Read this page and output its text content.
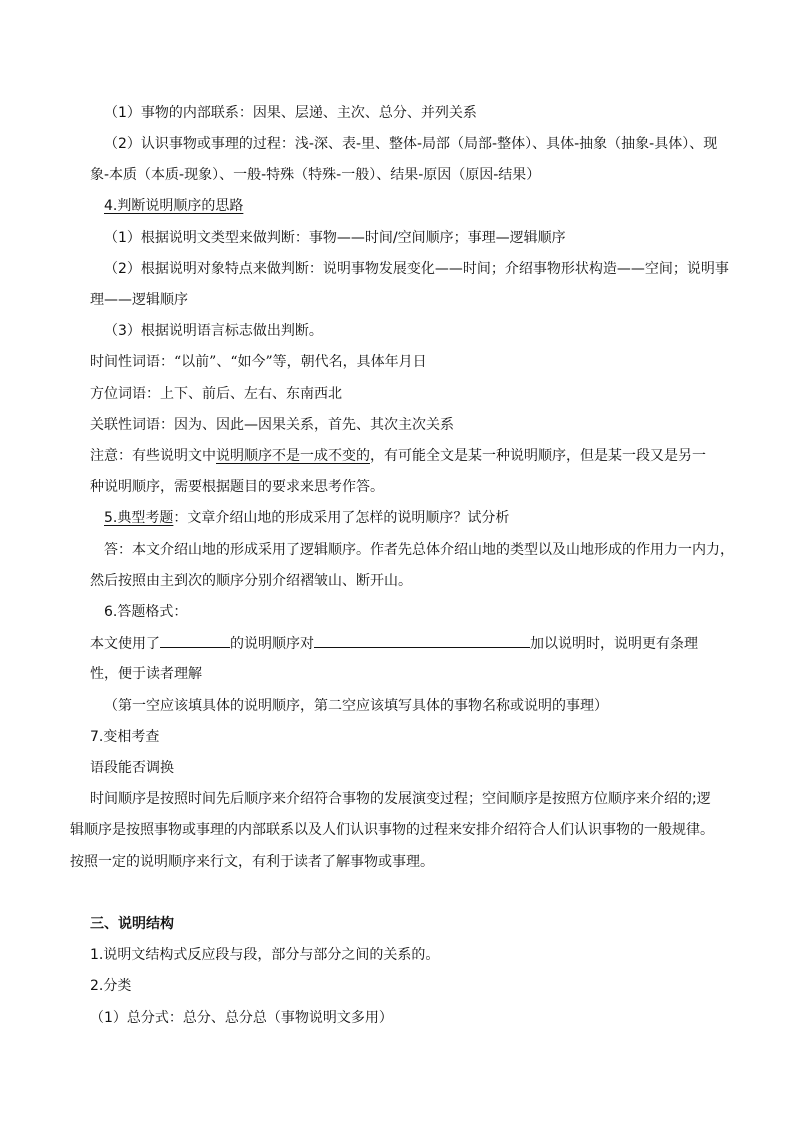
（1）事物的内部联系：因果、层递、主次、总分、并列关系
（2）认识事物或事理的过程：浅-深、表-里、整体-局部（局部-整体）、具体-抽象（抽象-具体）、现
象-本质（本质-现象）、一般-特殊（特殊-一般）、结果-原因（原因-结果）
4.判断说明顺序的思路
（1）根据说明文类型来做判断：事物——时间/空间顺序；事理—逻辑顺序
（2）根据说明对象特点来做判断：说明事物发展变化——时间；介绍事物形状构造——空间；说明事
理——逻辑顺序
（3）根据说明语言标志做出判断。
时间性词语：“以前”、“如今”等，朝代名，具体年月日
方位词语：上下、前后、左右、东南西北
关联性词语：因为、因此—因果关系，首先、其次主次关系
注意：有些说明文中说明顺序不是一成不变的，有可能全文是某一种说明顺序，但是某一段又是另一
种说明顺序，需要根据题目的要求来思考作答。
5.典型考题：文章介绍山地的形成采用了怎样的说明顺序？试分析
答：本文介绍山地的形成采用了逻辑顺序。作者先总体介绍山地的类型以及山地形成的作用力一内力，
然后按照由主到次的顺序分别介绍褶皱山、断开山。
6.答题格式：
本文使用了	的说明顺序对	加以说明时，说明更有条理
性，便于读者理解
（第一空应该填具体的说明顺序，第二空应该填写具体的事物名称或说明的事理）
7.变相考查
语段能否调换
时间顺序是按照时间先后顺序来介绍符合事物的发展演变过程；空间顺序是按照方位顺序来介绍的;逻
辑顺序是按照事物或事理的内部联系以及人们认识事物的过程来安排介绍符合人们认识事物的一般规律。
按照一定的说明顺序来行文，有利于读者了解事物或事理。
三、说明结构
1.说明文结构式反应段与段，部分与部分之间的关系的。
2.分类
（1）总分式：总分、总分总（事物说明文多用）
